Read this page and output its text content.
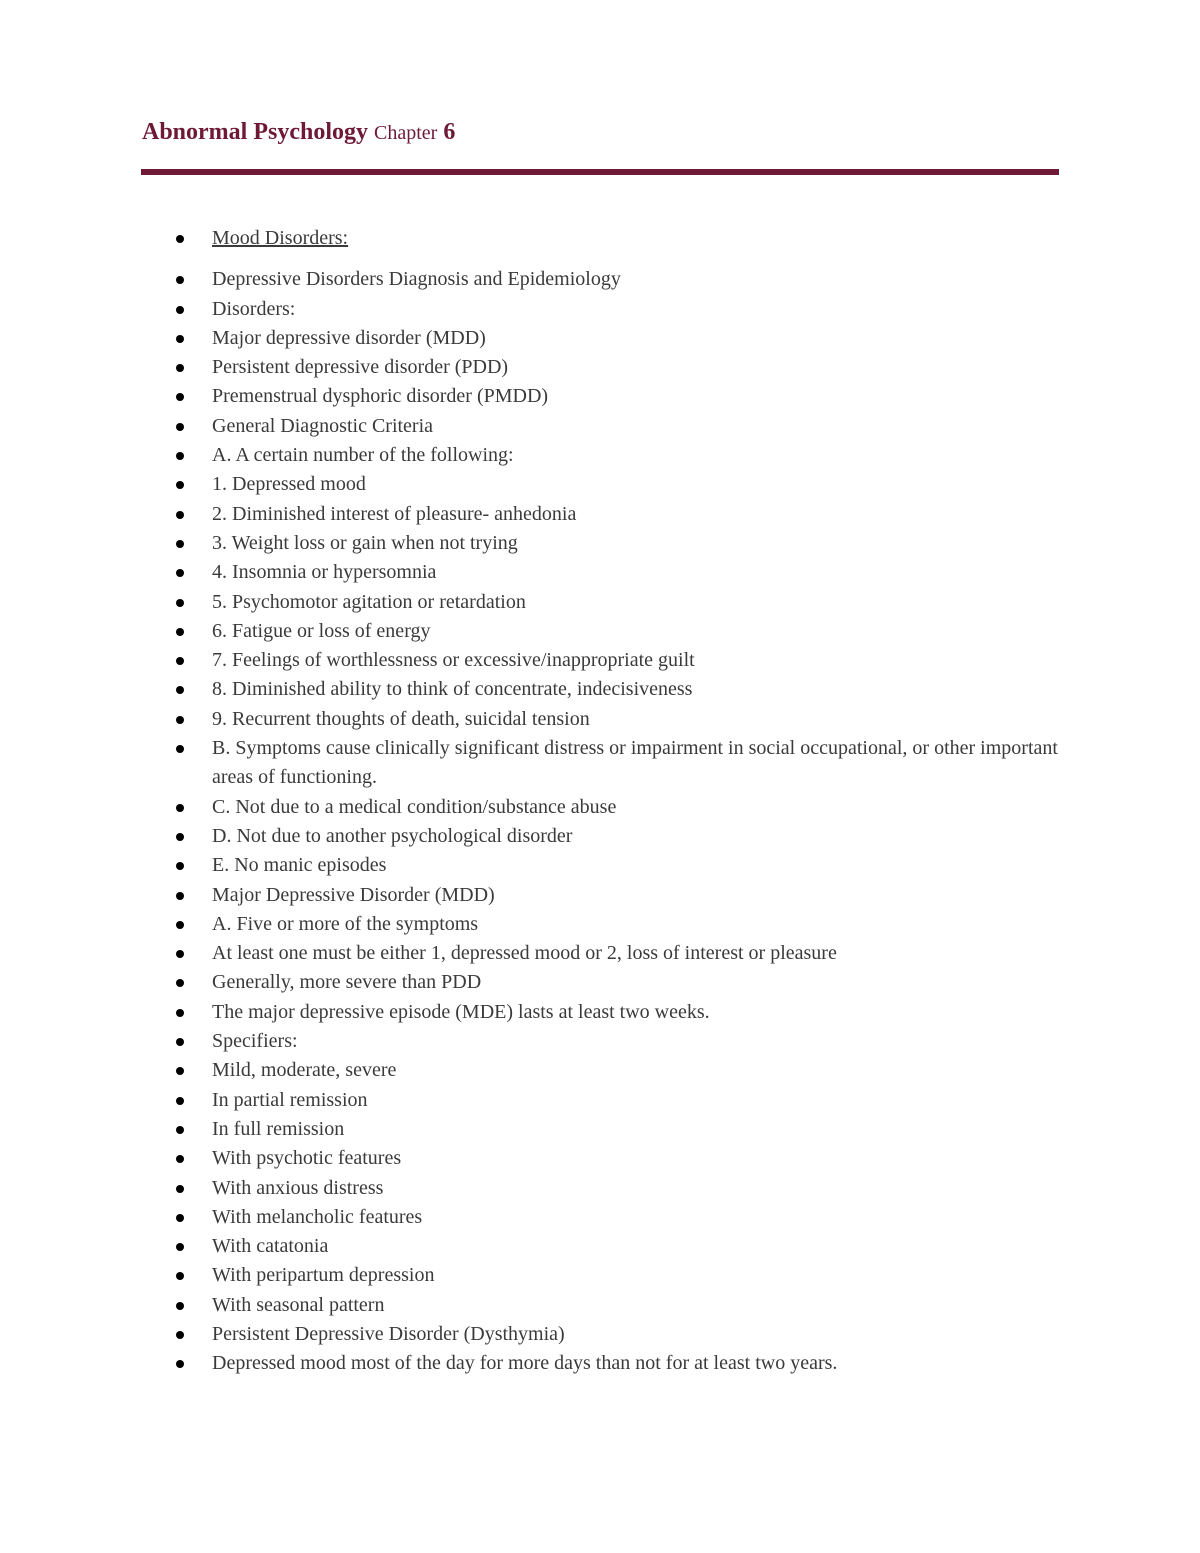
Abnormal Psychology Chapter 6
Mood Disorders:
Depressive Disorders Diagnosis and Epidemiology
Disorders:
Major depressive disorder (MDD)
Persistent depressive disorder (PDD)
Premenstrual dysphoric disorder (PMDD)
General Diagnostic Criteria
A. A certain number of the following:
1. Depressed mood
2. Diminished interest of pleasure- anhedonia
3. Weight loss or gain when not trying
4. Insomnia or hypersomnia
5. Psychomotor agitation or retardation
6. Fatigue or loss of energy
7. Feelings of worthlessness or excessive/inappropriate guilt
8. Diminished ability to think of concentrate, indecisiveness
9. Recurrent thoughts of death, suicidal tension
B. Symptoms cause clinically significant distress or impairment in social occupational, or other important areas of functioning.
C. Not due to a medical condition/substance abuse
D. Not due to another psychological disorder
E. No manic episodes
Major Depressive Disorder (MDD)
A. Five or more of the symptoms
At least one must be either 1, depressed mood or 2, loss of interest or pleasure
Generally, more severe than PDD
The major depressive episode (MDE) lasts at least two weeks.
Specifiers:
Mild, moderate, severe
In partial remission
In full remission
With psychotic features
With anxious distress
With melancholic features
With catatonia
With peripartum depression
With seasonal pattern
Persistent Depressive Disorder (Dysthymia)
Depressed mood most of the day for more days than not for at least two years.
